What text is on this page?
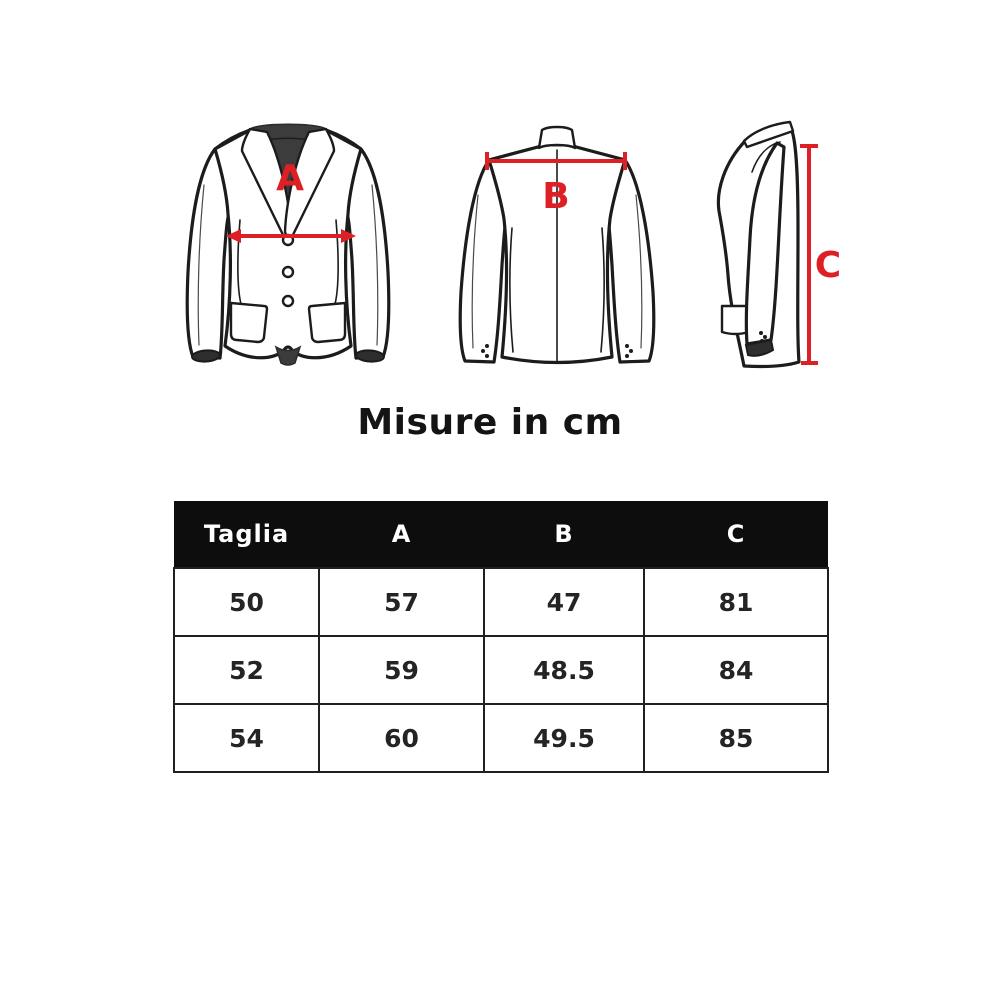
A	B
C
Misure in cm
Taglia	A	B	C
50	57	47	81
52	59	48.5	84
54	60	49.5	85
